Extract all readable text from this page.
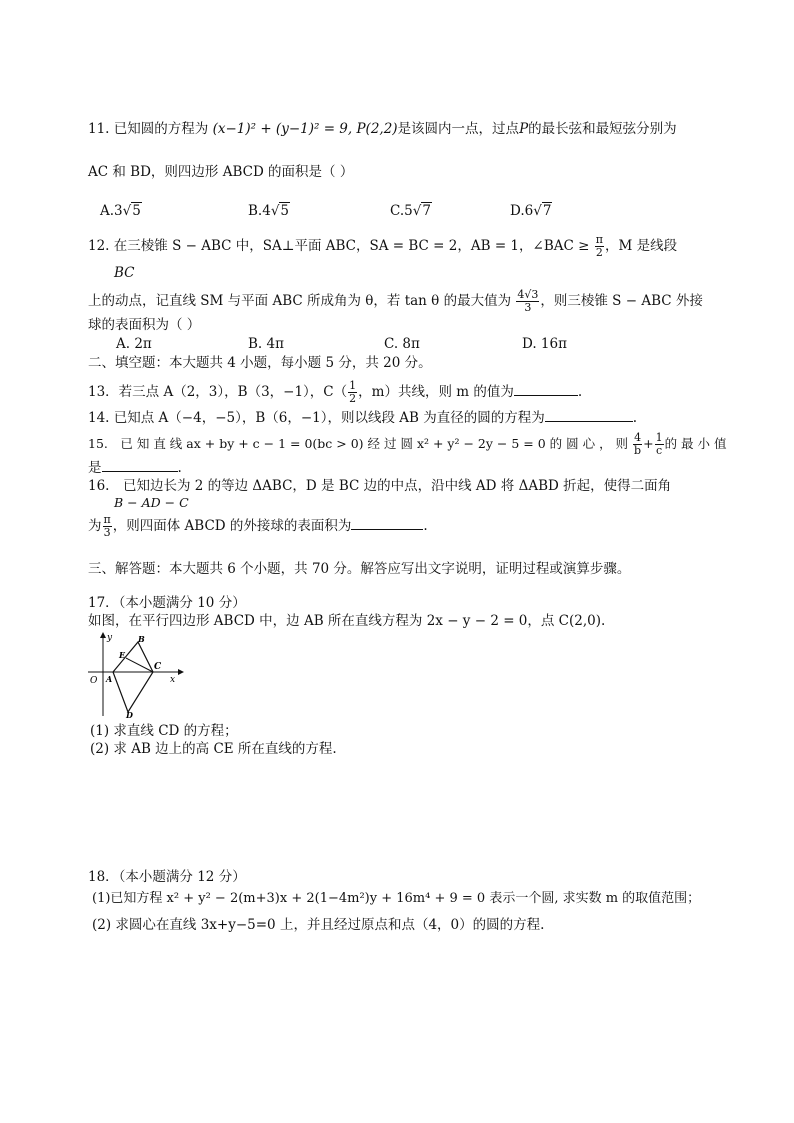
11. 已知圆的方程为 (x−1)² + (y−1)² = 9, P(2,2)是该圆内一点，过点P的最长弦和最短弦分别为
AC 和 BD，则四边形 ABCD 的面积是（ ）
A.3√5	B.4√5	C.5√7	D.6√7
12. 在三棱锥 S − ABC 中，SA⊥平面 ABC，SA = BC = 2，AB = 1，∠BAC ≥ $\frac{\pi}{2}$ ，M 是线段
BC
上的动点，记直线 SM 与平面 ABC 所成角为 θ，若 tan θ 的最大值为 $\frac{4√3}{3}$ ，则三棱锥 S − ABC 外接
球的表面积为（ ）
A. 2π	B. 4π	C. 8π	D. 16π
二、填空题：本大题共 4 小题，每小题 5 分，共 20 分。
13．若三点 A（2，3），B（3，−1），$C( \frac{1}{2}$ ，m）共线，则 m 的值为	.
14. 已知点 A（−4，−5），B（6，−1），则以线段 AB 为直径的圆的方程为	.
15.　已 知 直 线 ax + by + c − 1 = 0(bc > 0) 经 过 圆 x² + y² − 2y − 5 = 0 的 圆 心 ， 则 $\frac{4}{b} + \frac{1}{c}$ 的 最 小 值
是	.
16.　已知边长为 2 的等边 ΔABC，D 是 BC 边的中点，沿中线 AD 将 ΔABD 折起，使得二面角
B − AD − C
为 $\frac{\pi}{3}$ ，则四面体 ABCD 的外接球的表面积为	.
三、解答题：本大题共 6 个小题，共 70 分。解答应写出文字说明，证明过程或演算步骤。
17．（本小题满分 10 分）
如图，在平行四边形 ABCD 中，边 AB 所在直线方程为 2x − y − 2 = 0，点 C(2,0).
y
x
O A
B
C
D
E
(1) 求直线 CD 的方程；
(2) 求 AB 边上的高 CE 所在直线的方程.
18．（本小题满分 12 分）
(1)已知方程 x² + y² − 2(m+3)x + 2(1−4m²)y + 16m⁴ + 9 = 0 表示一个圆, 求实数 m 的取值范围；
(2) 求圆心在直线 3x+y−5=0 上，并且经过原点和点（4，0）的圆的方程.
